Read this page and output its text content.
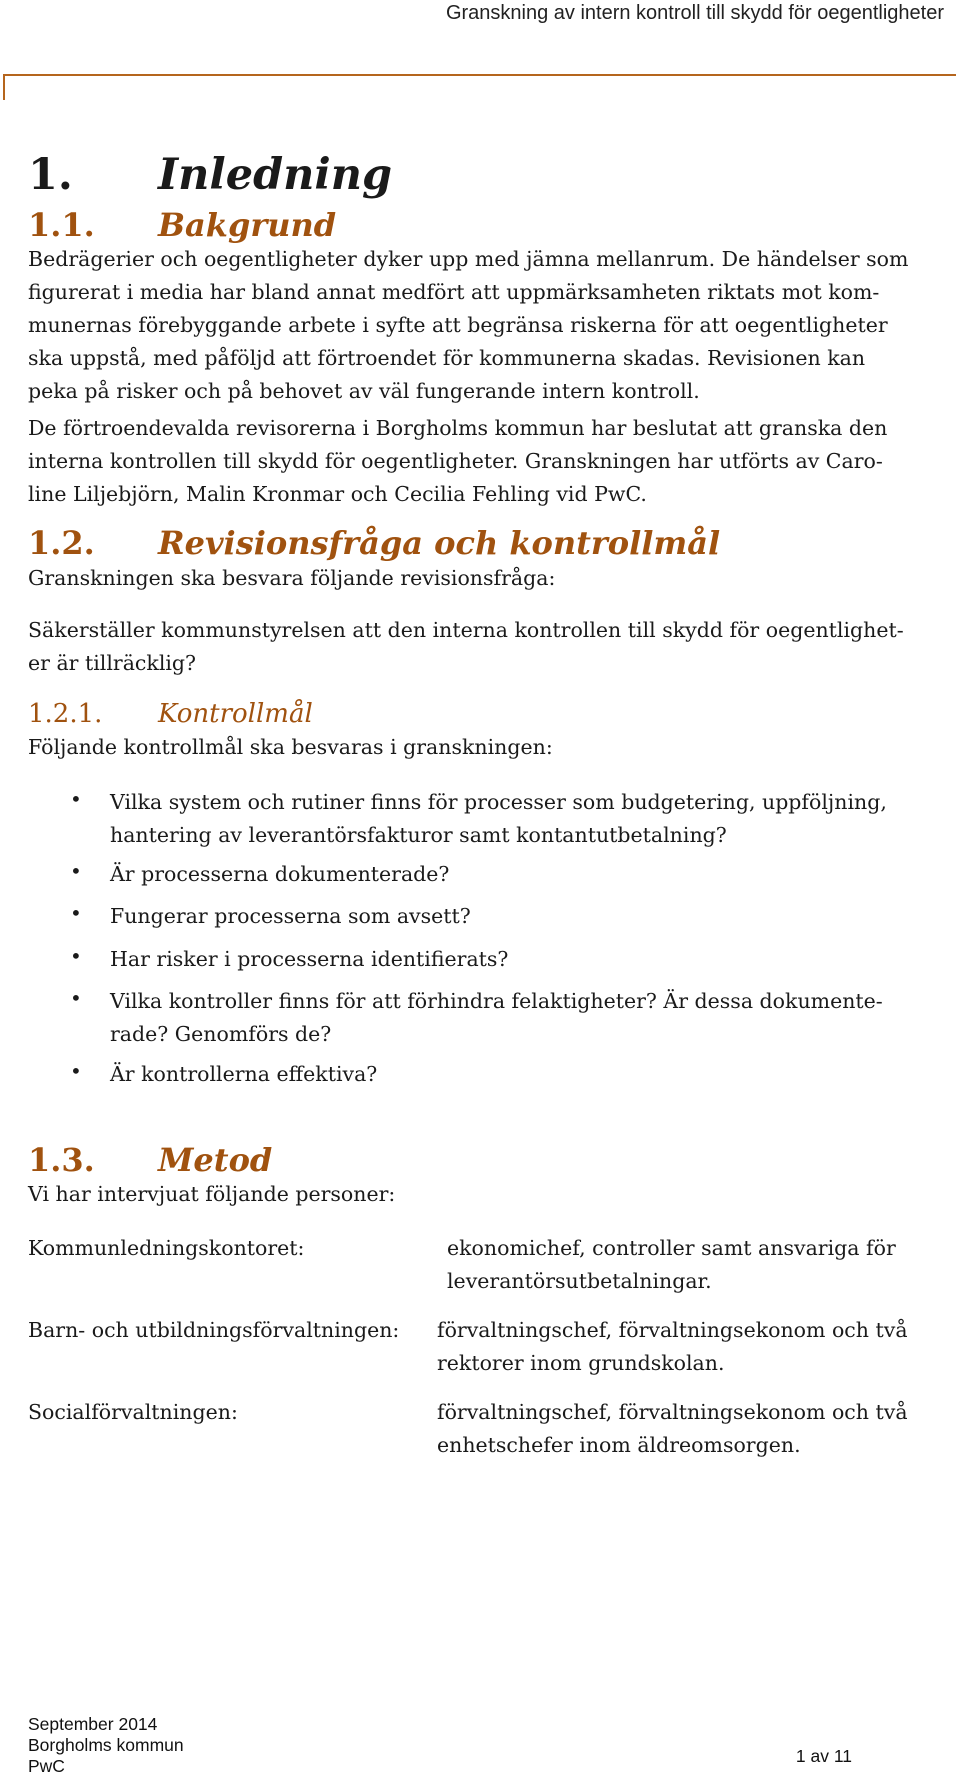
Granskning av intern kontroll till skydd för oegentligheter
1. Inledning
1.1. Bakgrund
Bedrägerier och oegentligheter dyker upp med jämna mellanrum. De händelser som
figurerat i media har bland annat medfört att uppmärksamheten riktats mot kom-
munernas förebyggande arbete i syfte att begränsa riskerna för att oegentligheter
ska uppstå, med påföljd att förtroendet för kommunerna skadas. Revisionen kan
peka på risker och på behovet av väl fungerande intern kontroll.
De förtroendevalda revisorerna i Borgholms kommun har beslutat att granska den
interna kontrollen till skydd för oegentligheter. Granskningen har utförts av Caro-
line Liljebjörn, Malin Kronmar och Cecilia Fehling vid PwC.
1.2. Revisionsfråga och kontrollmål
Granskningen ska besvara följande revisionsfråga:
Säkerställer kommunstyrelsen att den interna kontrollen till skydd för oegentlighet-
er är tillräcklig?
1.2.1. Kontrollmål
Följande kontrollmål ska besvaras i granskningen:
• Vilka system och rutiner finns för processer som budgetering, uppföljning,
hantering av leverantörsfakturor samt kontantutbetalning?
• Är processerna dokumenterade?
• Fungerar processerna som avsett?
• Har risker i processerna identifierats?
• Vilka kontroller finns för att förhindra felaktigheter? Är dessa dokumente-
rade? Genomförs de?
• Är kontrollerna effektiva?
1.3. Metod
Vi har intervjuat följande personer:
Kommunledningskontoret:	ekonomichef, controller samt ansvariga för
leverantörsutbetalningar.
Barn- och utbildningsförvaltningen: förvaltningschef, förvaltningsekonom och två
rektorer inom grundskolan.
Socialförvaltningen:	förvaltningschef, förvaltningsekonom och två
enhetschefer inom äldreomsorgen.
September 2014
Borgholms kommun
PwC	1 av 11
